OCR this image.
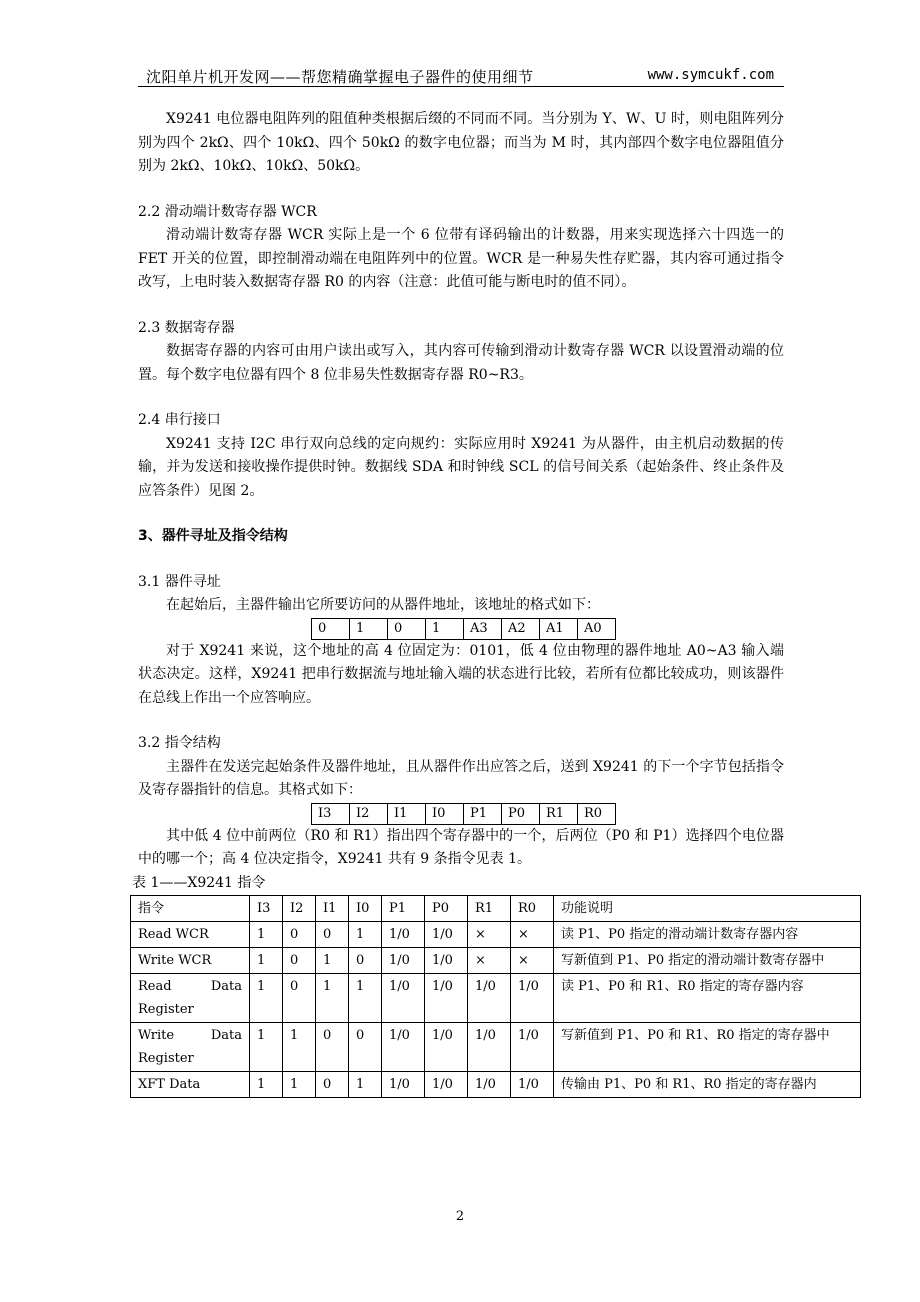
沈阳单片机开发网——帮您精确掌握电子器件的使用细节	www.symcukf.com

X9241 电位器电阻阵列的阻值种类根据后缀的不同而不同。当分别为 Y、W、U 时，则电阻阵列分别为四个 2kΩ、四个 10kΩ、四个 50kΩ 的数字电位器；而当为 M 时，其内部四个数字电位器阻值分别为 2kΩ、10kΩ、10kΩ、50kΩ。

2.2 滑动端计数寄存器 WCR

滑动端计数寄存器 WCR 实际上是一个 6 位带有译码输出的计数器，用来实现选择六十四选一的 FET 开关的位置，即控制滑动端在电阻阵列中的位置。WCR 是一种易失性存贮器，其内容可通过指令改写，上电时装入数据寄存器 R0 的内容（注意：此值可能与断电时的值不同）。

2.3 数据寄存器

数据寄存器的内容可由用户读出或写入，其内容可传输到滑动计数寄存器 WCR 以设置滑动端的位置。每个数字电位器有四个 8 位非易失性数据寄存器 R0~R3。

2.4 串行接口

X9241 支持 I2C 串行双向总线的定向规约：实际应用时 X9241 为从器件，由主机启动数据的传输，并为发送和接收操作提供时钟。数据线 SDA 和时钟线 SCL 的信号间关系（起始条件、终止条件及应答条件）见图 2。

3、器件寻址及指令结构

3.1 器件寻址

在起始后，主器件输出它所要访问的从器件地址，该地址的格式如下：

0	1	0	1	A3	A2	A1	A0

对于 X9241 来说，这个地址的高 4 位固定为：0101，低 4 位由物理的器件地址 A0~A3 输入端状态决定。这样，X9241 把串行数据流与地址输入端的状态进行比较，若所有位都比较成功，则该器件在总线上作出一个应答响应。

3.2 指令结构

主器件在发送完起始条件及器件地址，且从器件作出应答之后，送到 X9241 的下一个字节包括指令及寄存器指针的信息。其格式如下：

I3	I2	I1	I0	P1	P0	R1	R0

其中低 4 位中前两位（R0 和 R1）指出四个寄存器中的一个，后两位（P0 和 P1）选择四个电位器中的哪一个；高 4 位决定指令，X9241 共有 9 条指令见表 1。

表 1——X9241 指令

指令	I3	I2	I1	I0	P1	P0	R1	R0	功能说明
Read WCR	1	0	0	1	1/0	1/0	×	×	读 P1、P0 指定的滑动端计数寄存器内容
Write WCR	1	0	1	0	1/0	1/0	×	×	写新值到 P1、P0 指定的滑动端计数寄存器中
Read Data Register	1	0	1	1	1/0	1/0	1/0	1/0	读 P1、P0 和 R1、R0 指定的寄存器内容
Write Data Register	1	1	0	0	1/0	1/0	1/0	1/0	写新值到 P1、P0 和 R1、R0 指定的寄存器中
XFT Data	1	1	0	1	1/0	1/0	1/0	1/0	传输由 P1、P0 和 R1、R0 指定的寄存器内
2
